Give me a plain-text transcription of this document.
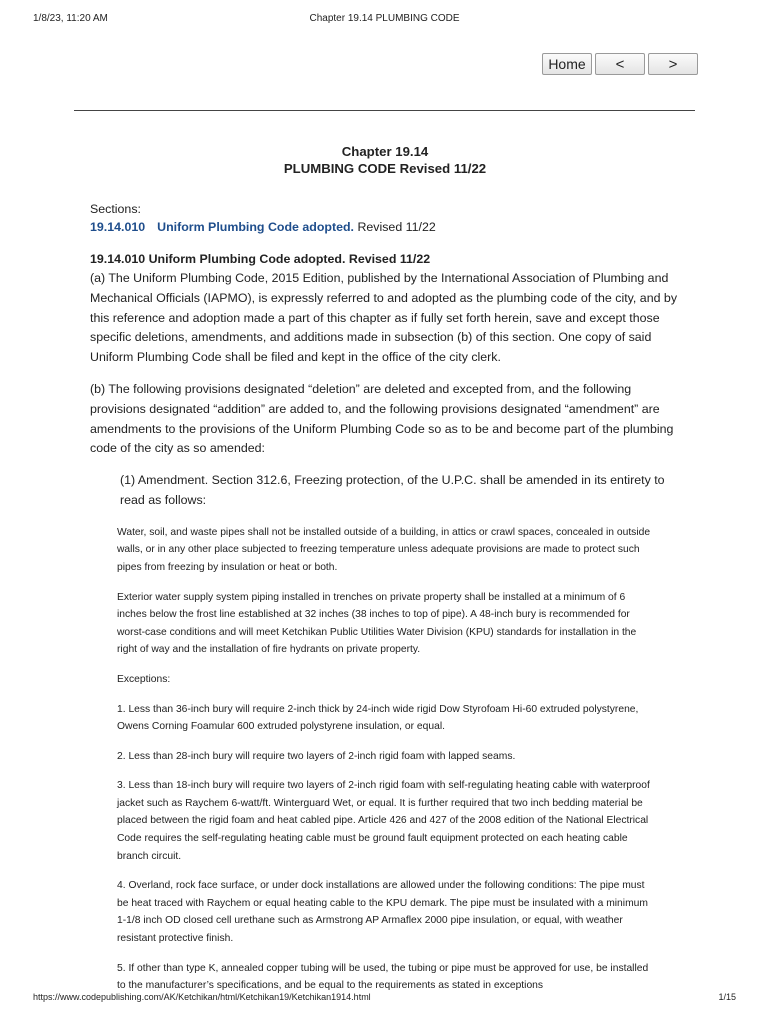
1/8/23, 11:20 AM	Chapter 19.14 PLUMBING CODE
Home	<	>
Chapter 19.14
PLUMBING CODE Revised 11/22
Sections:
19.14.010 Uniform Plumbing Code adopted. Revised 11/22
19.14.010 Uniform Plumbing Code adopted. Revised 11/22

(a) The Uniform Plumbing Code, 2015 Edition, published by the International Association of Plumbing and Mechanical Officials (IAPMO), is expressly referred to and adopted as the plumbing code of the city, and by this reference and adoption made a part of this chapter as if fully set forth herein, save and except those specific deletions, amendments, and additions made in subsection (b) of this section. One copy of said Uniform Plumbing Code shall be filed and kept in the office of the city clerk.

(b) The following provisions designated “deletion” are deleted and excepted from, and the following provisions designated “addition” are added to, and the following provisions designated “amendment” are amendments to the provisions of the Uniform Plumbing Code so as to be and become part of the plumbing code of the city as so amended:

(1) Amendment. Section 312.6, Freezing protection, of the U.P.C. shall be amended in its entirety to read as follows:

Water, soil, and waste pipes shall not be installed outside of a building, in attics or crawl spaces, concealed in outside walls, or in any other place subjected to freezing temperature unless adequate provisions are made to protect such pipes from freezing by insulation or heat or both.

Exterior water supply system piping installed in trenches on private property shall be installed at a minimum of 6 inches below the frost line established at 32 inches (38 inches to top of pipe). A 48-inch bury is recommended for worst-case conditions and will meet Ketchikan Public Utilities Water Division (KPU) standards for installation in the right of way and the installation of fire hydrants on private property.

Exceptions:

1. Less than 36-inch bury will require 2-inch thick by 24-inch wide rigid Dow Styrofoam Hi-60 extruded polystyrene, Owens Corning Foamular 600 extruded polystyrene insulation, or equal.

2. Less than 28-inch bury will require two layers of 2-inch rigid foam with lapped seams.

3. Less than 18-inch bury will require two layers of 2-inch rigid foam with self-regulating heating cable with waterproof jacket such as Raychem 6-watt/ft. Winterguard Wet, or equal. It is further required that two inch bedding material be placed between the rigid foam and heat cabled pipe. Article 426 and 427 of the 2008 edition of the National Electrical Code requires the self-regulating heating cable must be ground fault equipment protected on each heating cable branch circuit.

4. Overland, rock face surface, or under dock installations are allowed under the following conditions: The pipe must be heat traced with Raychem or equal heating cable to the KPU demark. The pipe must be insulated with a minimum 1-1/8 inch OD closed cell urethane such as Armstrong AP Armaflex 2000 pipe insulation, or equal, with weather resistant protective finish.

5. If other than type K, annealed copper tubing will be used, the tubing or pipe must be approved for use, be installed to the manufacturer’s specifications, and be equal to the requirements as stated in exceptions

https://www.codepublishing.com/AK/Ketchikan/html/Ketchikan19/Ketchikan1914.html	1/15
